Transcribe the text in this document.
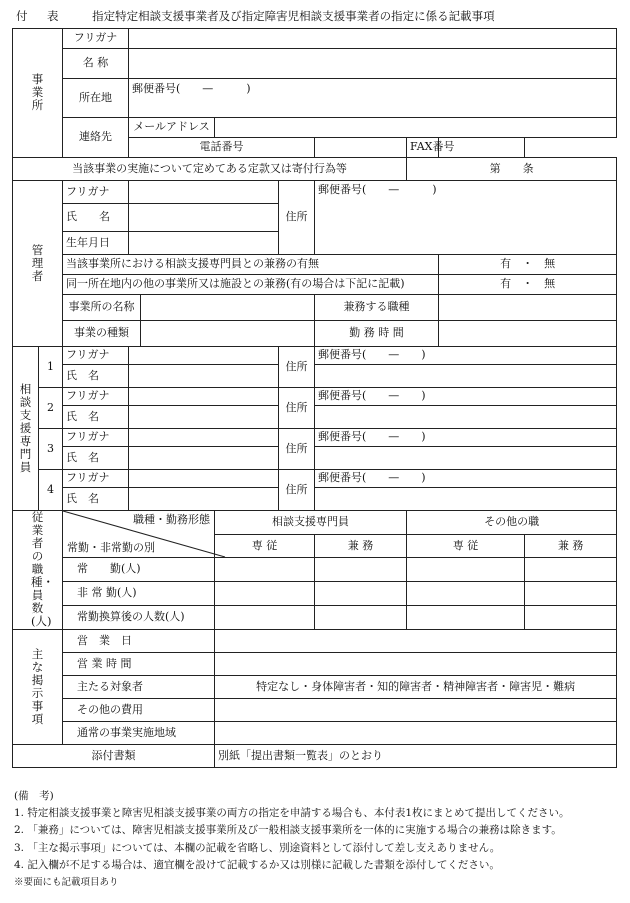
付　表	指定特定相談支援事業者及び指定障害児相談支援事業者の指定に係る記載事項
事業所		フリガナ								
		名 称								
		所在地	郵便番号(　　—　　　)							
		連絡先	メールアドレス							
			電話番号					FAX番号		
当該事業の実施について定めてある定款又は寄付行為等								第　　条		
管理者		フリガナ				住所	郵便番号(　　—　　　)			
		氏　　名								
		生年月日								
		当該事業所における相談支援専門員との兼務の有無							有　・　無	
		同一所在地内の他の事業所又は施設との兼務(有の場合は下記に記載)							有　・　無	
		事業所の名称					兼務する職種			
		事業の種類					勤 務 時 間			
相談支援専門員	1	フリガナ				住所	郵便番号(　　—　　)			
		氏　名								
	2	フリガナ				住所	郵便番号(　　—　　)			
		氏　名								
	3	フリガナ				住所	郵便番号(　　—　　)			
		氏　名								
	4	フリガナ				住所	郵便番号(　　—　　)			
		氏　名								
従業者の職種・員数(人)		職種・勤務形態
常勤・非常勤の別			相談支援専門員			その他の職		
					専 従		兼 務	専 従		兼 務
		常　　勤(人)								
		非 常 勤(人)								
		常勤換算後の人数(人)								
主な掲示事項		営　業　日								
		営 業 時 間								
		主たる対象者			特定なし・身体障害者・知的障害者・精神障害者・障害児・難病					
		その他の費用								
		通常の事業実施地域								
添付書類					別紙「提出書類一覧表」のとおり					
(備　考)
1. 特定相談支援事業と障害児相談支援事業の両方の指定を申請する場合も、本付表1枚にまとめて提出してください。
2. 「兼務」については、障害児相談支援事業所及び一般相談支援事業所を一体的に実施する場合の兼務は除きます。
3. 「主な掲示事項」については、本欄の記載を省略し、別途資料として添付して差し支えありません。
4. 記入欄が不足する場合は、適宜欄を設けて記載するか又は別様に記載した書類を添付してください。
※要面にも記載項目あり
